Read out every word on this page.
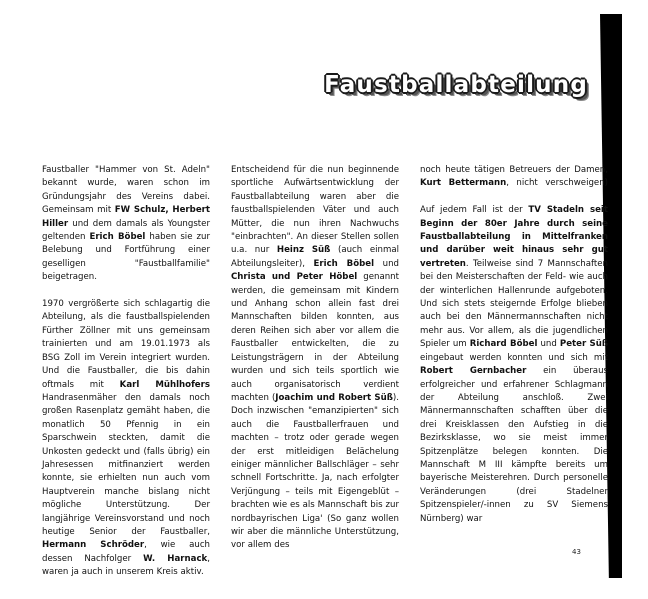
Faustballabteilung

Faustballer "Hammer von St. Adeln" bekannt wurde, waren schon im Gründungsjahr des Vereins dabei. Gemeinsam mit FW Schulz, Herbert Hiller und dem damals als Youngster geltenden Erich Böbel haben sie zur Belebung und Fortführung einer geselligen "Faustballfamilie" beigetragen.

1970 vergrößerte sich schlagartig die Abteilung, als die faustballspielenden Fürther Zöllner mit uns gemeinsam trainierten und am 19.01.1973 als BSG Zoll im Verein integriert wurden. Und die Faustballer, die bis dahin oftmals mit Karl Mühlhofers Handrasenmäher den damals noch großen Rasenplatz gemäht haben, die monatlich 50 Pfennig in ein Sparschwein steckten, damit die Unkosten gedeckt und (falls übrig) ein Jahresessen mitfinanziert werden konnte, sie erhielten nun auch vom Hauptverein manche bislang nicht mögliche Unterstützung. Der langjährige Vereinsvorstand und noch heutige Senior der Faustballer, Hermann Schröder, wie auch dessen Nachfolger W. Harnack, waren ja auch in unserem Kreis aktiv.

Entscheidend für die nun beginnende sportliche Aufwärtsentwicklung der Faustballabteilung waren aber die faustballspielenden Väter und auch Mütter, die nun ihren Nachwuchs "einbrachten". An dieser Stellen sollen u.a. nur Heinz Süß (auch einmal Abteilungsleiter), Erich Böbel und Christa und Peter Höbel genannt werden, die gemeinsam mit Kindern und Anhang schon allein fast drei Mannschaften bilden konnten, aus deren Reihen sich aber vor allem die Faustballer entwickelten, die zu Leistungsträgern in der Abteilung wurden und sich teils sportlich wie auch organisatorisch verdient machten (Joachim und Robert Süß). Doch inzwischen "emanzipierten" sich auch die Faustballerfrauen und machten – trotz oder gerade wegen der erst mitleidigen Belächelung einiger männlicher Ballschläger – sehr schnell Fortschritte. Ja, nach erfolgter Verjüngung – teils mit Eigengeblüt – brachten wie es als Mannschaft bis zur nordbayrischen Liga' (So ganz wollen wir aber die männliche Unterstützung, vor allem des

noch heute tätigen Betreuers der Damen, Kurt Bettermann, nicht verschweigen)

Auf jedem Fall ist der TV Stadeln seit Beginn der 80er Jahre durch seine Faustballabteilung in Mittelfranken und darüber weit hinaus sehr gut vertreten. Teilweise sind 7 Mannschaften bei den Meisterschaften der Feld- wie auch der winterlichen Hallenrunde aufgeboten. Und sich stets steigernde Erfolge blieben auch bei den Männermannschaften nicht mehr aus. Vor allem, als die jugendlichen Spieler um Richard Böbel und Peter Süß eingebaut werden konnten und sich mit Robert Gernbacher ein überaus erfolgreicher und erfahrener Schlagmann der Abteilung anschloß. Zwei Männermannschaften schafften über die drei Kreisklassen den Aufstieg in die Bezirksklasse, wo sie meist immer Spitzenplätze belegen konnten. Die Mannschaft M III kämpfte bereits um bayerische Meisterehren. Durch personelle Veränderungen (drei Stadelner Spitzenspieler/-innen zu SV Siemens Nürnberg) war

43
